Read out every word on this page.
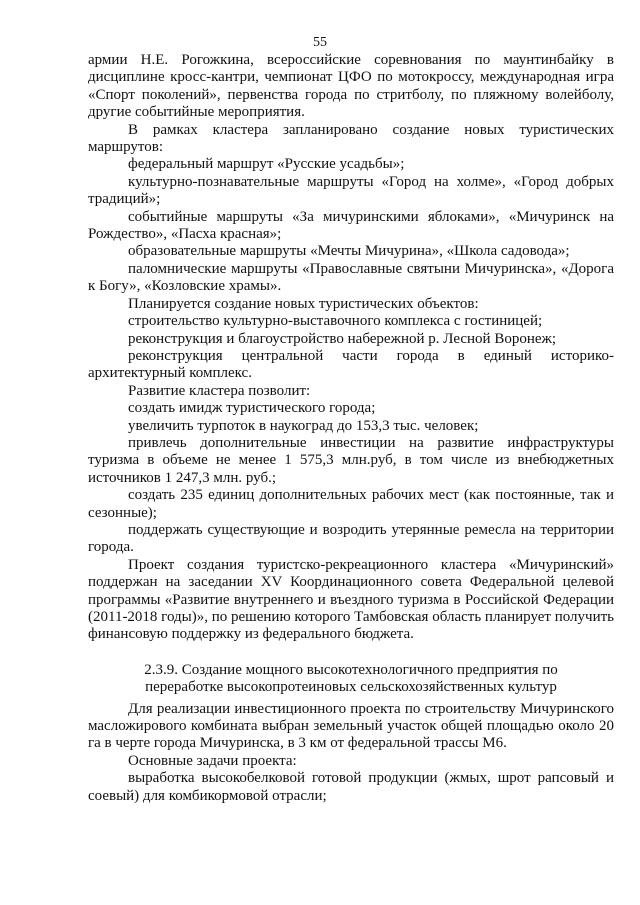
55

армии Н.Е. Рогожкина, всероссийские соревнования по маунтинбайку в дисциплине кросс-кантри, чемпионат ЦФО по мотокроссу, международная игра «Спорт поколений», первенства города по стритболу, по пляжному волейболу, другие событийные мероприятия.

В рамках кластера запланировано создание новых туристических маршрутов:

федеральный маршрут «Русские усадьбы»;

культурно-познавательные маршруты «Город на холме», «Город добрых традиций»;

событийные маршруты «За мичуринскими яблоками», «Мичуринск на Рождество», «Пасха красная»;

образовательные маршруты «Мечты Мичурина», «Школа садовода»;

паломнические маршруты «Православные святыни Мичуринска», «Дорога к Богу», «Козловские храмы».

Планируется создание новых туристических объектов:

строительство культурно-выставочного комплекса с гостиницей;

реконструкция и благоустройство набережной р. Лесной Воронеж;

реконструкция центральной части города в единый историко-архитектурный комплекс.

Развитие кластера позволит:

создать имидж туристического города;

увеличить турпоток в наукоград до 153,3 тыс. человек;

привлечь дополнительные инвестиции на развитие инфраструктуры туризма в объеме не менее 1 575,3 млн.руб, в том числе из внебюджетных источников 1 247,3 млн. руб.;

создать 235 единиц дополнительных рабочих мест (как постоянные, так и сезонные);

поддержать существующие и возродить утерянные ремесла на территории города.

Проект создания туристско-рекреационного кластера «Мичуринский» поддержан на заседании XV Координационного совета Федеральной целевой программы «Развитие внутреннего и въездного туризма в Российской Федерации (2011-2018 годы)», по решению которого Тамбовская область планирует получить финансовую поддержку из федерального бюджета.

2.3.9. Создание мощного высокотехнологичного предприятия по переработке высокопротеиновых сельскохозяйственных культур

Для реализации инвестиционного проекта по строительству Мичуринского масложирового комбината выбран земельный участок общей площадью около 20 га в черте города Мичуринска, в 3 км от федеральной трассы М6.

Основные задачи проекта:

выработка высокобелковой готовой продукции (жмых, шрот рапсовый и соевый) для комбикормовой отрасли;
